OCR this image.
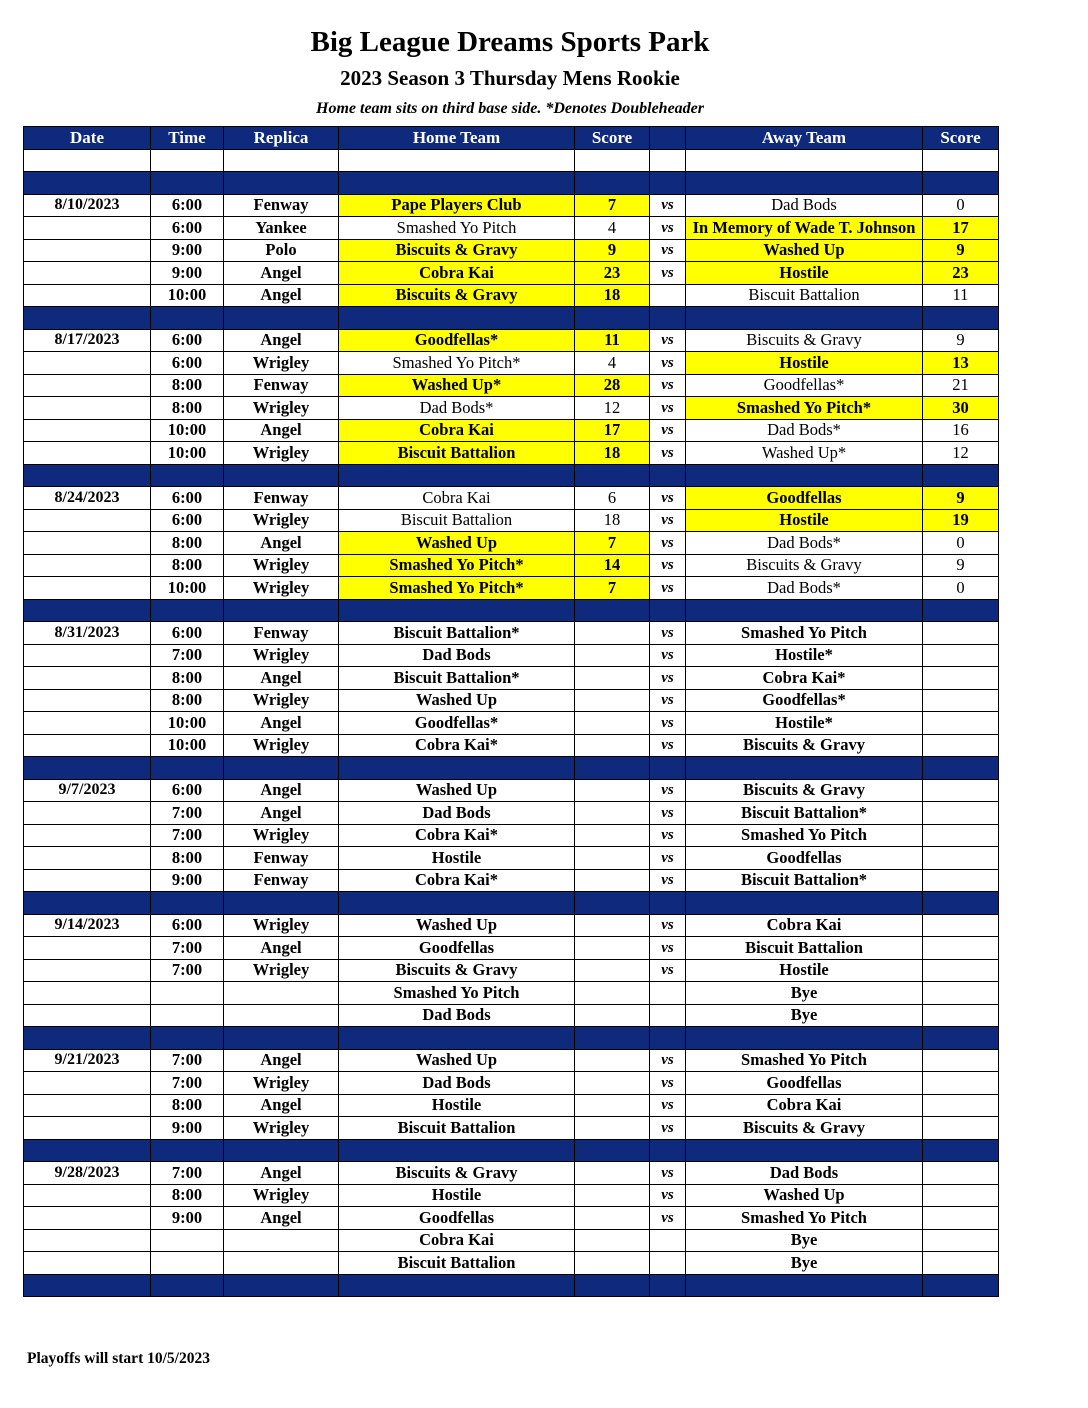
Big League Dreams Sports Park
2023 Season 3 Thursday Mens Rookie
Home team sits on third base side. *Denotes Doubleheader
Date	Time	Replica	Home Team	Score		Away Team	Score

8/10/2023	6:00	Fenway	Pape Players Club	7	vs	Dad Bods	0
	6:00	Yankee	Smashed Yo Pitch	4	vs	In Memory of Wade T. Johnson	17
	9:00	Polo	Biscuits & Gravy	9	vs	Washed Up	9
	9:00	Angel	Cobra Kai	23	vs	Hostile	23
	10:00	Angel	Biscuits & Gravy	18		Biscuit Battalion	11

8/17/2023	6:00	Angel	Goodfellas*	11	vs	Biscuits & Gravy	9
	6:00	Wrigley	Smashed Yo Pitch*	4	vs	Hostile	13
	8:00	Fenway	Washed Up*	28	vs	Goodfellas*	21
	8:00	Wrigley	Dad Bods*	12	vs	Smashed Yo Pitch*	30
	10:00	Angel	Cobra Kai	17	vs	Dad Bods*	16
	10:00	Wrigley	Biscuit Battalion	18	vs	Washed Up*	12

8/24/2023	6:00	Fenway	Cobra Kai	6	vs	Goodfellas	9
	6:00	Wrigley	Biscuit Battalion	18	vs	Hostile	19
	8:00	Angel	Washed Up	7	vs	Dad Bods*	0
	8:00	Wrigley	Smashed Yo Pitch*	14	vs	Biscuits & Gravy	9
	10:00	Wrigley	Smashed Yo Pitch*	7	vs	Dad Bods*	0

8/31/2023	6:00	Fenway	Biscuit Battalion*		vs	Smashed Yo Pitch	
	7:00	Wrigley	Dad Bods		vs	Hostile*	
	8:00	Angel	Biscuit Battalion*		vs	Cobra Kai*	
	8:00	Wrigley	Washed Up		vs	Goodfellas*	
	10:00	Angel	Goodfellas*		vs	Hostile*	
	10:00	Wrigley	Cobra Kai*		vs	Biscuits & Gravy	

9/7/2023	6:00	Angel	Washed Up		vs	Biscuits & Gravy	
	7:00	Angel	Dad Bods		vs	Biscuit Battalion*	
	7:00	Wrigley	Cobra Kai*		vs	Smashed Yo Pitch	
	8:00	Fenway	Hostile		vs	Goodfellas	
	9:00	Fenway	Cobra Kai*		vs	Biscuit Battalion*	

9/14/2023	6:00	Wrigley	Washed Up		vs	Cobra Kai	
	7:00	Angel	Goodfellas		vs	Biscuit Battalion	
	7:00	Wrigley	Biscuits & Gravy		vs	Hostile	
			Smashed Yo Pitch			Bye	
			Dad Bods			Bye	

9/21/2023	7:00	Angel	Washed Up		vs	Smashed Yo Pitch	
	7:00	Wrigley	Dad Bods		vs	Goodfellas	
	8:00	Angel	Hostile		vs	Cobra Kai	
	9:00	Wrigley	Biscuit Battalion		vs	Biscuits & Gravy	

9/28/2023	7:00	Angel	Biscuits & Gravy		vs	Dad Bods	
	8:00	Wrigley	Hostile		vs	Washed Up	
	9:00	Angel	Goodfellas		vs	Smashed Yo Pitch	
			Cobra Kai			Bye	
			Biscuit Battalion			Bye	

Playoffs will start 10/5/2023
